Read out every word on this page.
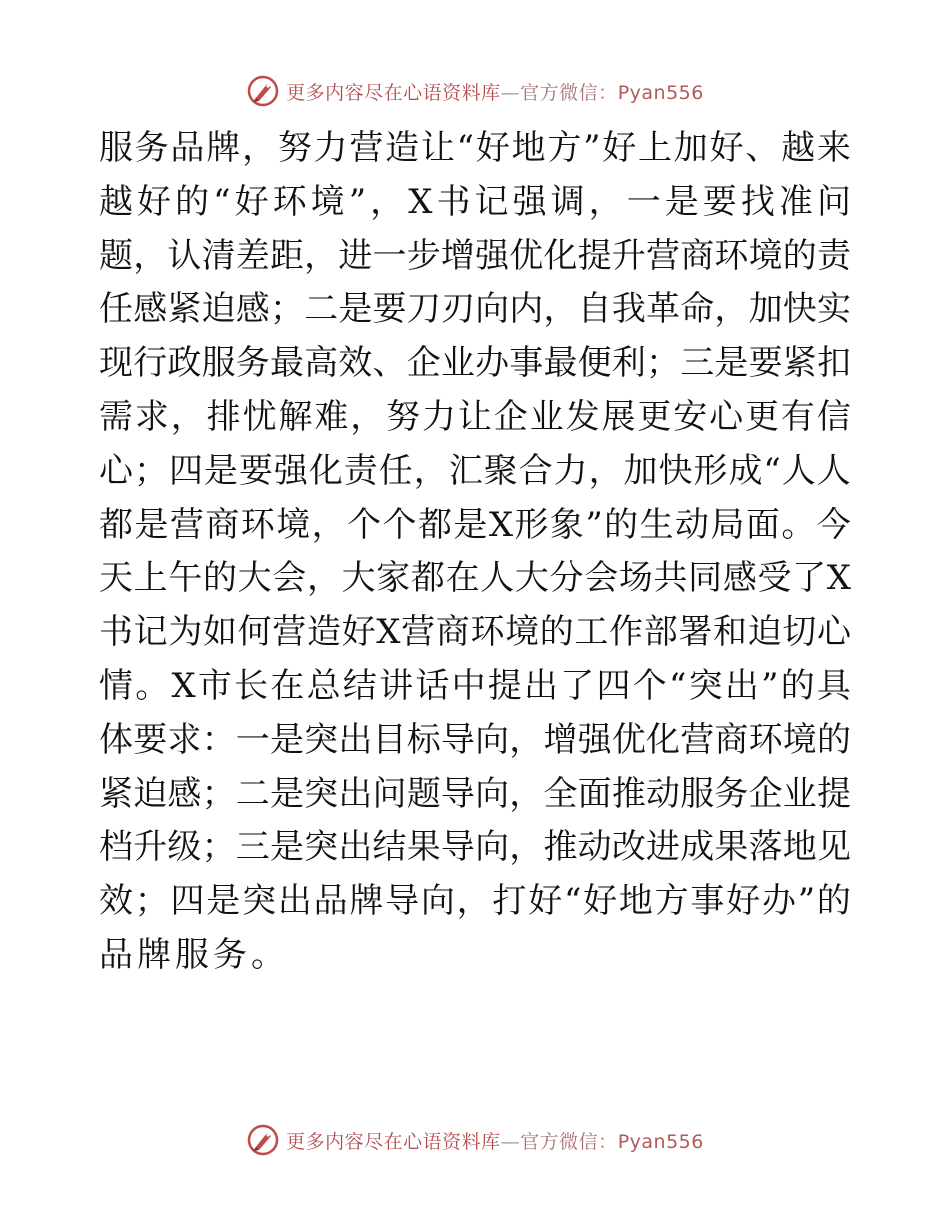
更多内容尽在心语资料库—官方微信：Pyan556
服 务 品 牌 ， 努 力 营 造 让 “ 好 地 方 ” 好 上 加 好 、 越 来
越 好 的 “ 好 环 境 ” ， X 书 记 强 调 ， 一 是 要 找 准 问
题 ， 认 清 差 距 ， 进 一 步 增 强 优 化 提 升 营 商 环 境 的 责
任 感 紧 迫 感 ； 二 是 要 刀 刃 向 内 ， 自 我 革 命 ， 加 快 实
现 行 政 服 务 最 高 效 、 企 业 办 事 最 便 利 ； 三 是 要 紧 扣
需 求 ， 排 忧 解 难 ， 努 力 让 企 业 发 展 更 安 心 更 有 信
心 ； 四 是 要 强 化 责 任 ， 汇 聚 合 力 ， 加 快 形 成 “ 人 人
都 是 营 商 环 境 ， 个 个 都 是 X 形 象 ” 的 生 动 局 面 。 今
天 上 午 的 大 会 ， 大 家 都 在 人 大 分 会 场 共 同 感 受 了 X
书 记 为 如 何 营 造 好 X 营 商 环 境 的 工 作 部 署 和 迫 切 心
情 。 X 市 长 在 总 结 讲 话 中 提 出 了 四 个 “ 突 出 ” 的 具
体 要 求 ： 一 是 突 出 目 标 导 向 ， 增 强 优 化 营 商 环 境 的
紧 迫 感 ； 二 是 突 出 问 题 导 向 ， 全 面 推 动 服 务 企 业 提
档 升 级 ； 三 是 突 出 结 果 导 向 ， 推 动 改 进 成 果 落 地 见
效 ； 四 是 突 出 品 牌 导 向 ， 打 好 “ 好 地 方 事 好 办 ” 的
品 牌 服 务 。
更多内容尽在心语资料库—官方微信：Pyan556
